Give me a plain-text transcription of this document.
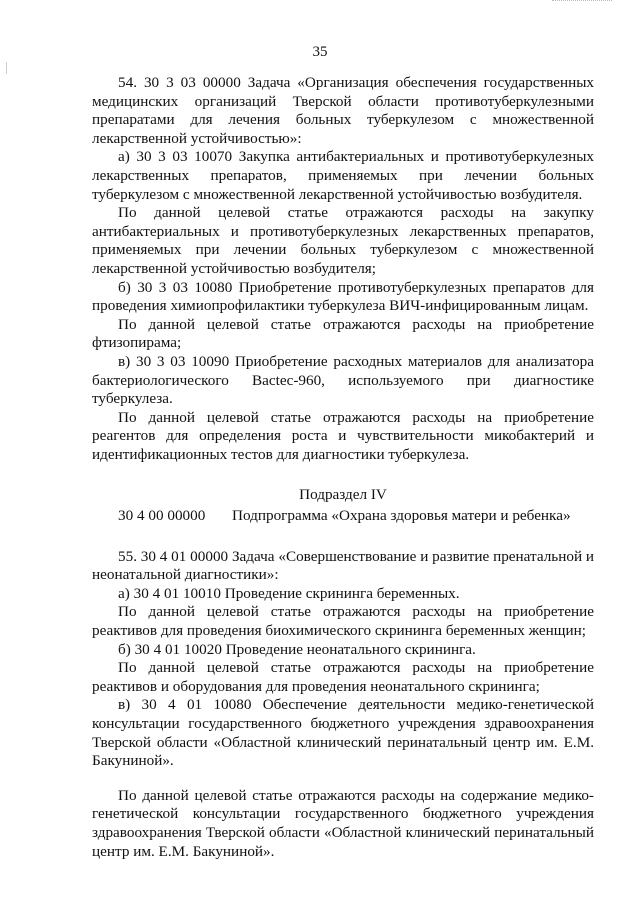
35

54. 30 3 03 00000 Задача «Организация обеспечения государственных медицинских организаций Тверской области противотуберкулезными препаратами для лечения больных туберкулезом с множественной лекарственной устойчивостью»:

а) 30 3 03 10070 Закупка антибактериальных и противотуберкулезных лекарственных препаратов, применяемых при лечении больных туберкулезом с множественной лекарственной устойчивостью возбудителя.

По данной целевой статье отражаются расходы на закупку антибактериальных и противотуберкулезных лекарственных препаратов, применяемых при лечении больных туберкулезом с множественной лекарственной устойчивостью возбудителя;

б) 30 3 03 10080 Приобретение противотуберкулезных препаратов для проведения химиопрофилактики туберкулеза ВИЧ-инфицированным лицам.

По данной целевой статье отражаются расходы на приобретение фтизопирама;

в) 30 3 03 10090 Приобретение расходных материалов для анализатора бактериологического Bactec-960, используемого при диагностике туберкулеза.

По данной целевой статье отражаются расходы на приобретение реагентов для определения роста и чувствительности микобактерий и идентификационных тестов для диагностики туберкулеза.

Подраздел IV

30 4 00 00000 Подпрограмма «Охрана здоровья матери и ребенка»

55. 30 4 01 00000 Задача «Совершенствование и развитие пренатальной и неонатальной диагностики»:

а) 30 4 01 10010 Проведение скрининга беременных.

По данной целевой статье отражаются расходы на приобретение реактивов для проведения биохимического скрининга беременных женщин;

б) 30 4 01 10020 Проведение неонатального скрининга.

По данной целевой статье отражаются расходы на приобретение реактивов и оборудования для проведения неонатального скрининга;

в) 30 4 01 10080 Обеспечение деятельности медико-генетической консультации государственного бюджетного учреждения здравоохранения Тверской области «Областной клинический перинатальный центр им. Е.М. Бакуниной».

По данной целевой статье отражаются расходы на содержание медико-генетической консультации государственного бюджетного учреждения здравоохранения Тверской области «Областной клинический перинатальный центр им. Е.М. Бакуниной».
